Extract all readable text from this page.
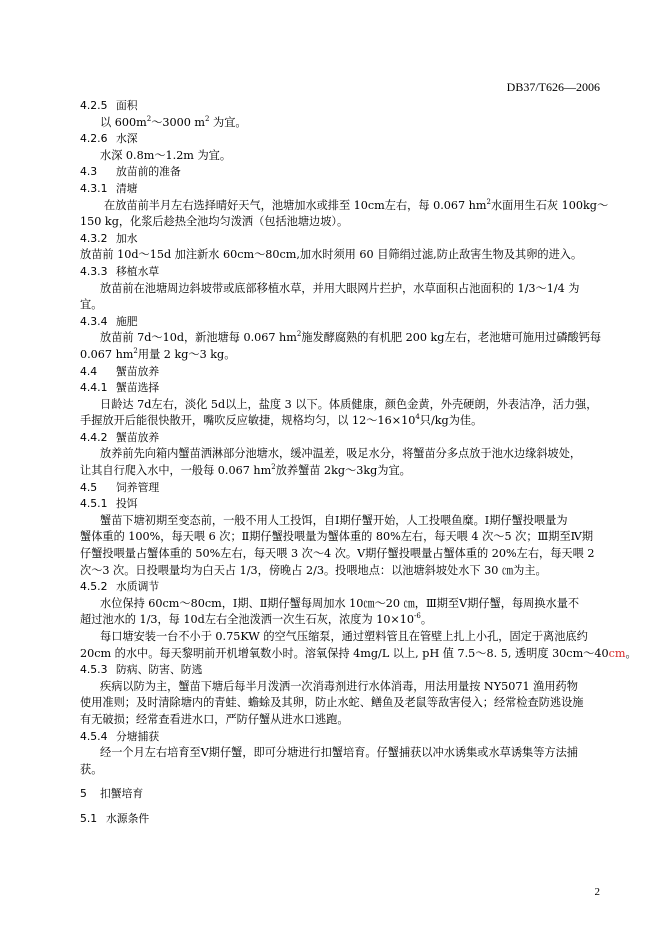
DB37/T626—2006
4.2.5 面积
以 $600m^2\sim 3000$ $m^2$ 为宜。
4.2.6 水深
水深 0.8m～1.2m 为宜。
4.3 放苗前的准备
4.3.1 清塘
在放苗前半月左右选择晴好天气，池塘加水或排至 10cm左右，每 0.067 $hm^2$水面用生石灰 100kg～
150 kg，化浆后趁热全池均匀泼洒（包括池塘边坡）。
4.3.2 加水
放苗前 10d～15d 加注新水 60cm～80cm,加水时须用 60 目筛绢过滤,防止敌害生物及其卵的进入。
4.3.3 移植水草
放苗前在池塘周边斜坡带或底部移植水草，并用大眼网片拦护，水草面积占池面积的 1/3～1/4 为
宜。
4.3.4 施肥
放苗前 7d～10d，新池塘每 0.067 $hm^2$施发酵腐熟的有机肥 200 kg左右，老池塘可施用过磷酸钙每
0.067 $hm^2$用量 2 kg～3 kg。
4.4 蟹苗放养
4.4.1 蟹苗选择
日龄达 7d左右，淡化 5d以上，盐度 3 以下。体质健康，颜色金黄，外壳硬朗，外表洁净，活力强，
手握放开后能很快散开，嘴吹反应敏捷，规格均匀，以 $12\sim 16\times 10^4$只/kg为佳。
4.4.2 蟹苗放养
放养前先向箱内蟹苗洒淋部分池塘水，缓冲温差，吸足水分，将蟹苗分多点放于池水边缘斜坡处，
让其自行爬入水中，一般每 0.067 $hm^2$放养蟹苗 2kg～3kg为宜。
4.5 饲养管理
4.5.1 投饵
蟹苗下塘初期至变态前，一般不用人工投饵，自Ⅰ期仔蟹开始，人工投喂鱼糜。Ⅰ期仔蟹投喂量为
蟹体重的 100%，每天喂 6 次；Ⅱ期仔蟹投喂量为蟹体重的 80%左右，每天喂 4 次～5 次；Ⅲ期至Ⅳ期
仔蟹投喂量占蟹体重的 50%左右，每天喂 3 次～4 次。Ⅴ期仔蟹投喂量占蟹体重的 20%左右，每天喂 2
次～3 次。日投喂量均为白天占 1/3，傍晚占 2/3。投喂地点：以池塘斜坡处水下 30 ㎝为主。
4.5.2 水质调节
水位保持 60cm～80cm，Ⅰ期、Ⅱ期仔蟹每周加水 10㎝～20 ㎝，Ⅲ期至Ⅴ期仔蟹，每周换水量不
超过池水的 1/3，每 10d左右全池泼洒一次生石灰，浓度为 $10\times 10^{-6}$。
每口塘安装一台不小于 0.75KW 的空气压缩泵，通过塑料管且在管壁上扎上小孔，固定于离池底约
20cm 的水中。每天黎明前开机增氧数小时。溶氧保持 4mg/L 以上, pH 值 7.5～8. 5, 透明度 30cm～40cm。
4.5.3 防病、防害、防逃
疾病以防为主，蟹苗下塘后每半月泼洒一次消毒剂进行水体消毒，用法用量按 NY5071 渔用药物
使用准则；及时清除塘内的青蛙、蟾蜍及其卵，防止水蛇、鳝鱼及老鼠等敌害侵入；经常检查防逃设施
有无破损；经常查看进水口，严防仔蟹从进水口逃跑。
4.5.4 分塘捕获
经一个月左右培育至Ⅴ期仔蟹，即可分塘进行扣蟹培育。仔蟹捕获以冲水诱集或水草诱集等方法捕
获。
5 扣蟹培育
5.1 水源条件
2
